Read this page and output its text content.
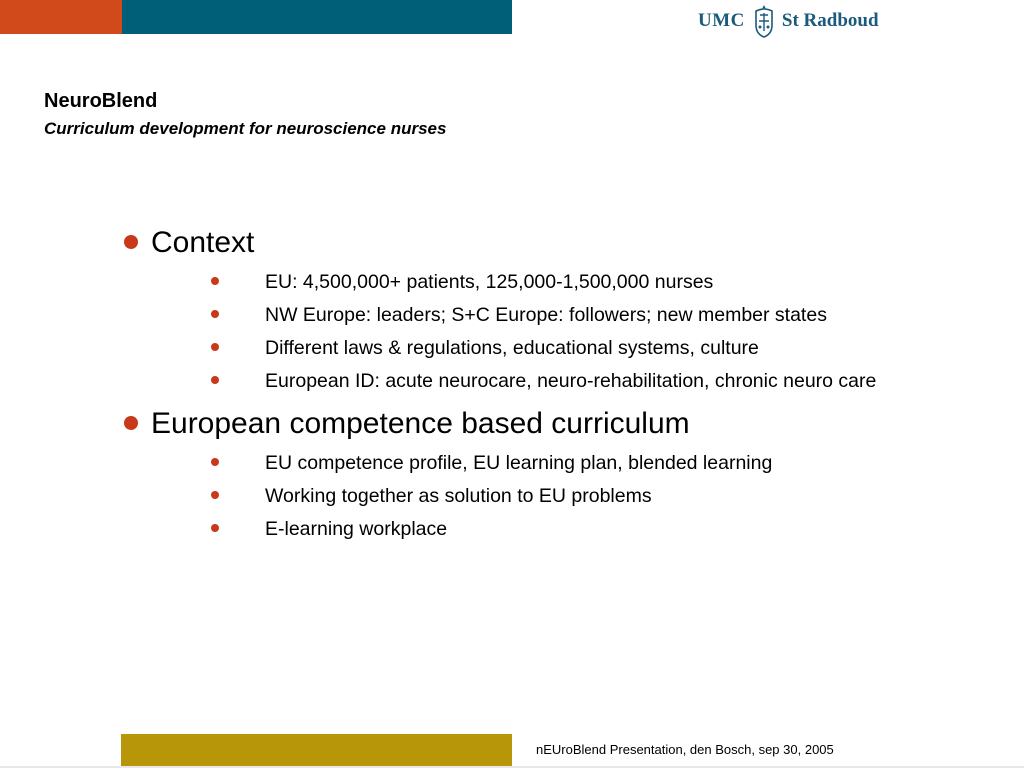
UMC St Radboud
NeuroBlend
Curriculum development for neuroscience nurses
Context
EU: 4,500,000+ patients, 125,000-1,500,000 nurses
NW Europe: leaders; S+C Europe: followers; new member states
Different laws & regulations, educational systems, culture
European ID: acute neurocare, neuro-rehabilitation, chronic neuro care
European competence based curriculum
EU competence profile, EU learning plan, blended learning
Working together as solution to EU problems
E-learning workplace
nEUroBlend Presentation, den Bosch, sep 30, 2005
